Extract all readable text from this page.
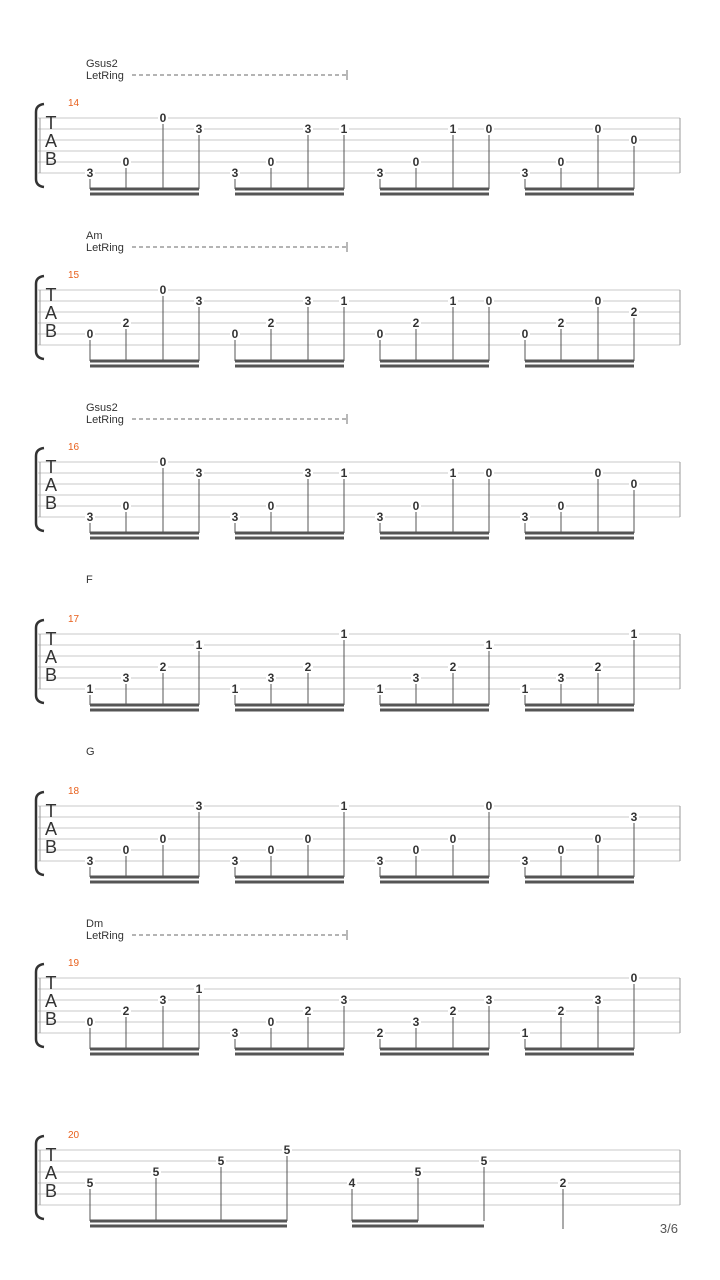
Gsus2
LetRing
14
T
A
B
3
0
0
3
3
0
3 1
3
0
1 0
3
0
0
0
Am
LetRing
15
T
A
B 0
2
0
3
0
2
3 1
0
2
1 0
0
2
0
2
Gsus2
LetRing
16
T
A
B
3
0
0
3
3
0
3 1
3
0
1 0
3
0
0
0
F
17
T
A
B
1
3
2
1
1
3
2
1
1
3
2
1
1
3
2
1
G
18
T
A
B
3
0
0
3
3
0
0
1
3
0
0
0
3
0
0
3
Dm
LetRing
19
T
A
B 0
2
3
1
3
0
2
3
2
3
2
3
1
2
3
0
20
T
A
B 5
5
5
5
4
5
5
2
3/6
